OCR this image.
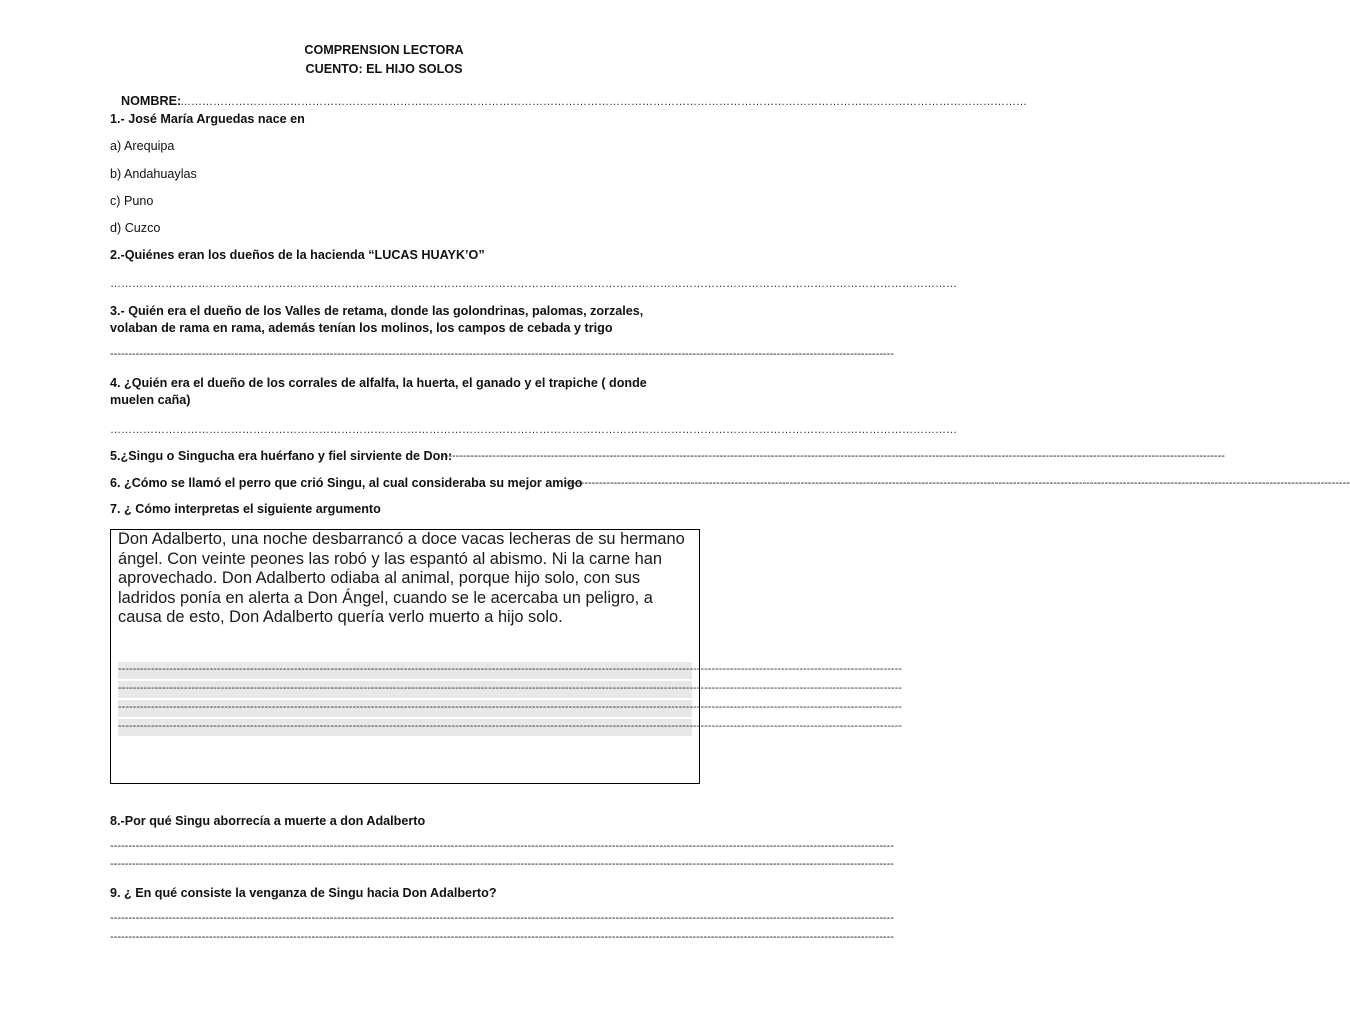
COMPRENSION LECTORA
CUENTO: EL HIJO SOLOS
NOMBRE:
……………………………………………………………………………………………………………………………………………………………………………………………………………
1.- José María Arguedas nace en
a) Arequipa
b) Andahuaylas
c) Puno
d) Cuzco
2.-Quiénes eran los dueños de la hacienda “LUCAS HUAYK’O”
……………………………………………………………………………………………………………………………………………………………………………………………………………
3.- Quién era el dueño de los Valles de retama, donde las golondrinas, palomas, zorzales,
volaban de rama en rama, además tenían los molinos, los campos de cebada y trigo
----------------------------------------------------------------------------------------------------------------------------------------------------------------------------------------------------------------------
4. ¿Quién era el dueño de los corrales de alfalfa, la huerta, el ganado y el trapiche ( donde
muelen caña)
……………………………………………………………………………………………………………………………………………………………………………………………………………
5.¿Singu o Singucha era huérfano y fiel sirviente de Don:
----------------------------------------------------------------------------------------------------------------------------------------------------------------------------------------------------------------------
6. ¿Cómo se llamó el perro que crió Singu, al cual consideraba su mejor amigo
----------------------------------------------------------------------------------------------------------------------------------------------------------------------------------------------------------------------
7. ¿ Cómo interpretas el siguiente argumento
Don Adalberto, una noche desbarrancó a doce vacas lecheras de su hermano ángel. Con veinte peones las robó y las espantó al abismo. Ni la carne han aprovechado. Don Adalberto odiaba al animal, porque hijo solo, con sus ladridos ponía en alerta a Don Ángel, cuando se le acercaba un peligro, a causa de esto, Don Adalberto quería verlo muerto a hijo solo.
----------------------------------------------------------------------------------------------------------------------------------------------------------------------------------------------------------------------
----------------------------------------------------------------------------------------------------------------------------------------------------------------------------------------------------------------------
----------------------------------------------------------------------------------------------------------------------------------------------------------------------------------------------------------------------
----------------------------------------------------------------------------------------------------------------------------------------------------------------------------------------------------------------------
8.-Por qué Singu aborrecía a muerte a don Adalberto
----------------------------------------------------------------------------------------------------------------------------------------------------------------------------------------------------------------------
----------------------------------------------------------------------------------------------------------------------------------------------------------------------------------------------------------------------
9. ¿ En qué consiste la venganza de Singu hacia Don Adalberto?
----------------------------------------------------------------------------------------------------------------------------------------------------------------------------------------------------------------------
----------------------------------------------------------------------------------------------------------------------------------------------------------------------------------------------------------------------
